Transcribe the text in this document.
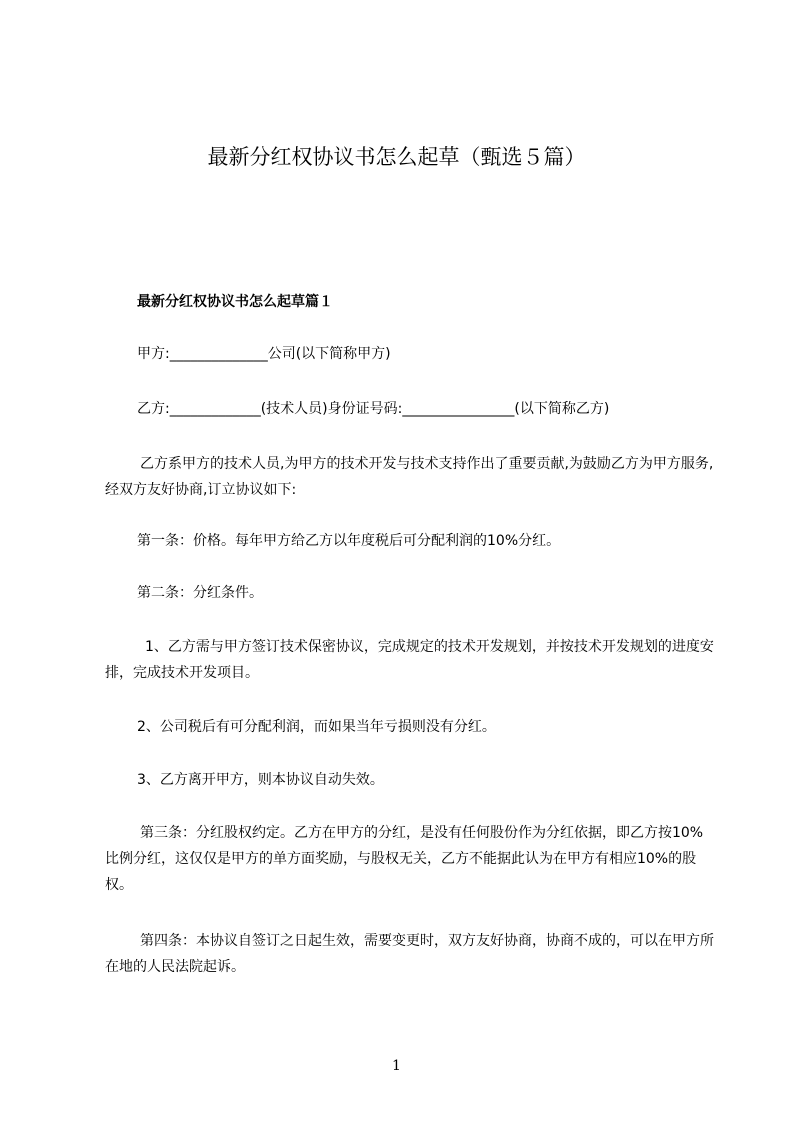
最新分红权协议书怎么起草（甄选５篇）
最新分红权协议书怎么起草篇１

甲方:______________公司(以下简称甲方)

乙方:_____________(技术人员)身份证号码:________________(以下简称乙方)

乙方系甲方的技术人员,为甲方的技术开发与技术支持作出了重要贡献,为鼓励乙方为甲方服务,经双方友好协商,订立协议如下:

第一条：价格。每年甲方给乙方以年度税后可分配利润的10%分红。

第二条：分红条件。

1、乙方需与甲方签订技术保密协议，完成规定的技术开发规划，并按技术开发规划的进度安排，完成技术开发项目。

2、公司税后有可分配利润，而如果当年亏损则没有分红。

3、乙方离开甲方，则本协议自动失效。

第三条：分红股权约定。乙方在甲方的分红，是没有任何股份作为分红依据，即乙方按10%比例分红，这仅仅是甲方的单方面奖励，与股权无关，乙方不能据此认为在甲方有相应10%的股权。

第四条：本协议自签订之日起生效，需要变更时，双方友好协商，协商不成的，可以在甲方所在地的人民法院起诉。

1
